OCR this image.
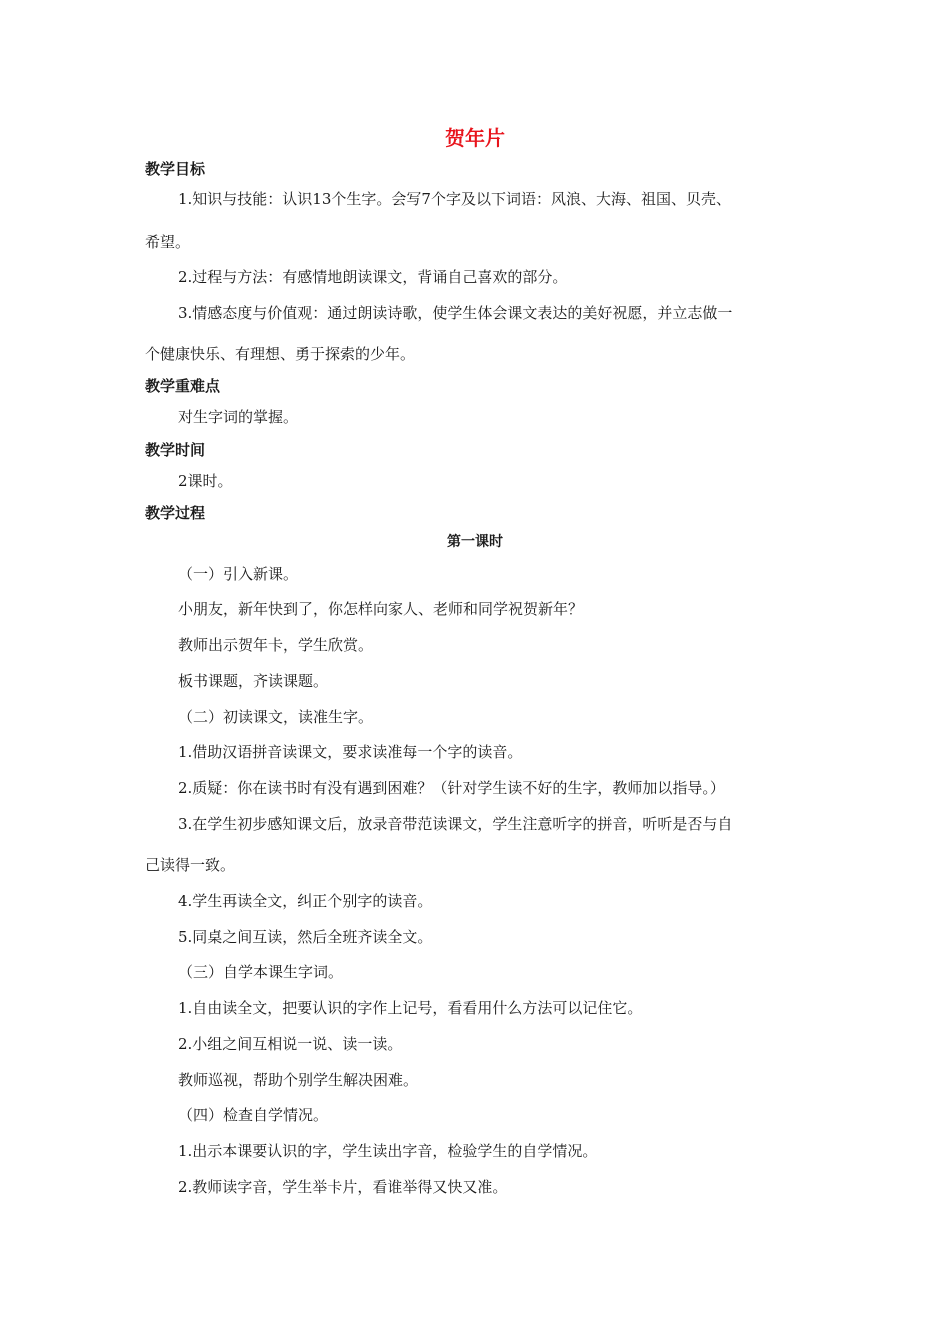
贺年片
教学目标
1.知识与技能：认识13个生字。会写7个字及以下词语：风浪、大海、祖国、贝壳、
希望。
2.过程与方法：有感情地朗读课文，背诵自己喜欢的部分。
3.情感态度与价值观：通过朗读诗歌，使学生体会课文表达的美好祝愿，并立志做一
个健康快乐、有理想、勇于探索的少年。
教学重难点
对生字词的掌握。
教学时间
2课时。
教学过程
第一课时
（一）引入新课。
小朋友，新年快到了，你怎样向家人、老师和同学祝贺新年？
教师出示贺年卡，学生欣赏。
板书课题，齐读课题。
（二）初读课文，读准生字。
1.借助汉语拼音读课文，要求读准每一个字的读音。
2.质疑：你在读书时有没有遇到困难？（针对学生读不好的生字，教师加以指导。）
3.在学生初步感知课文后，放录音带范读课文，学生注意听字的拼音，听听是否与自
己读得一致。
4.学生再读全文，纠正个别字的读音。
5.同桌之间互读，然后全班齐读全文。
（三）自学本课生字词。
1.自由读全文，把要认识的字作上记号，看看用什么方法可以记住它。
2.小组之间互相说一说、读一读。
教师巡视，帮助个别学生解决困难。
（四）检查自学情况。
1.出示本课要认识的字，学生读出字音，检验学生的自学情况。
2.教师读字音，学生举卡片，看谁举得又快又准。
